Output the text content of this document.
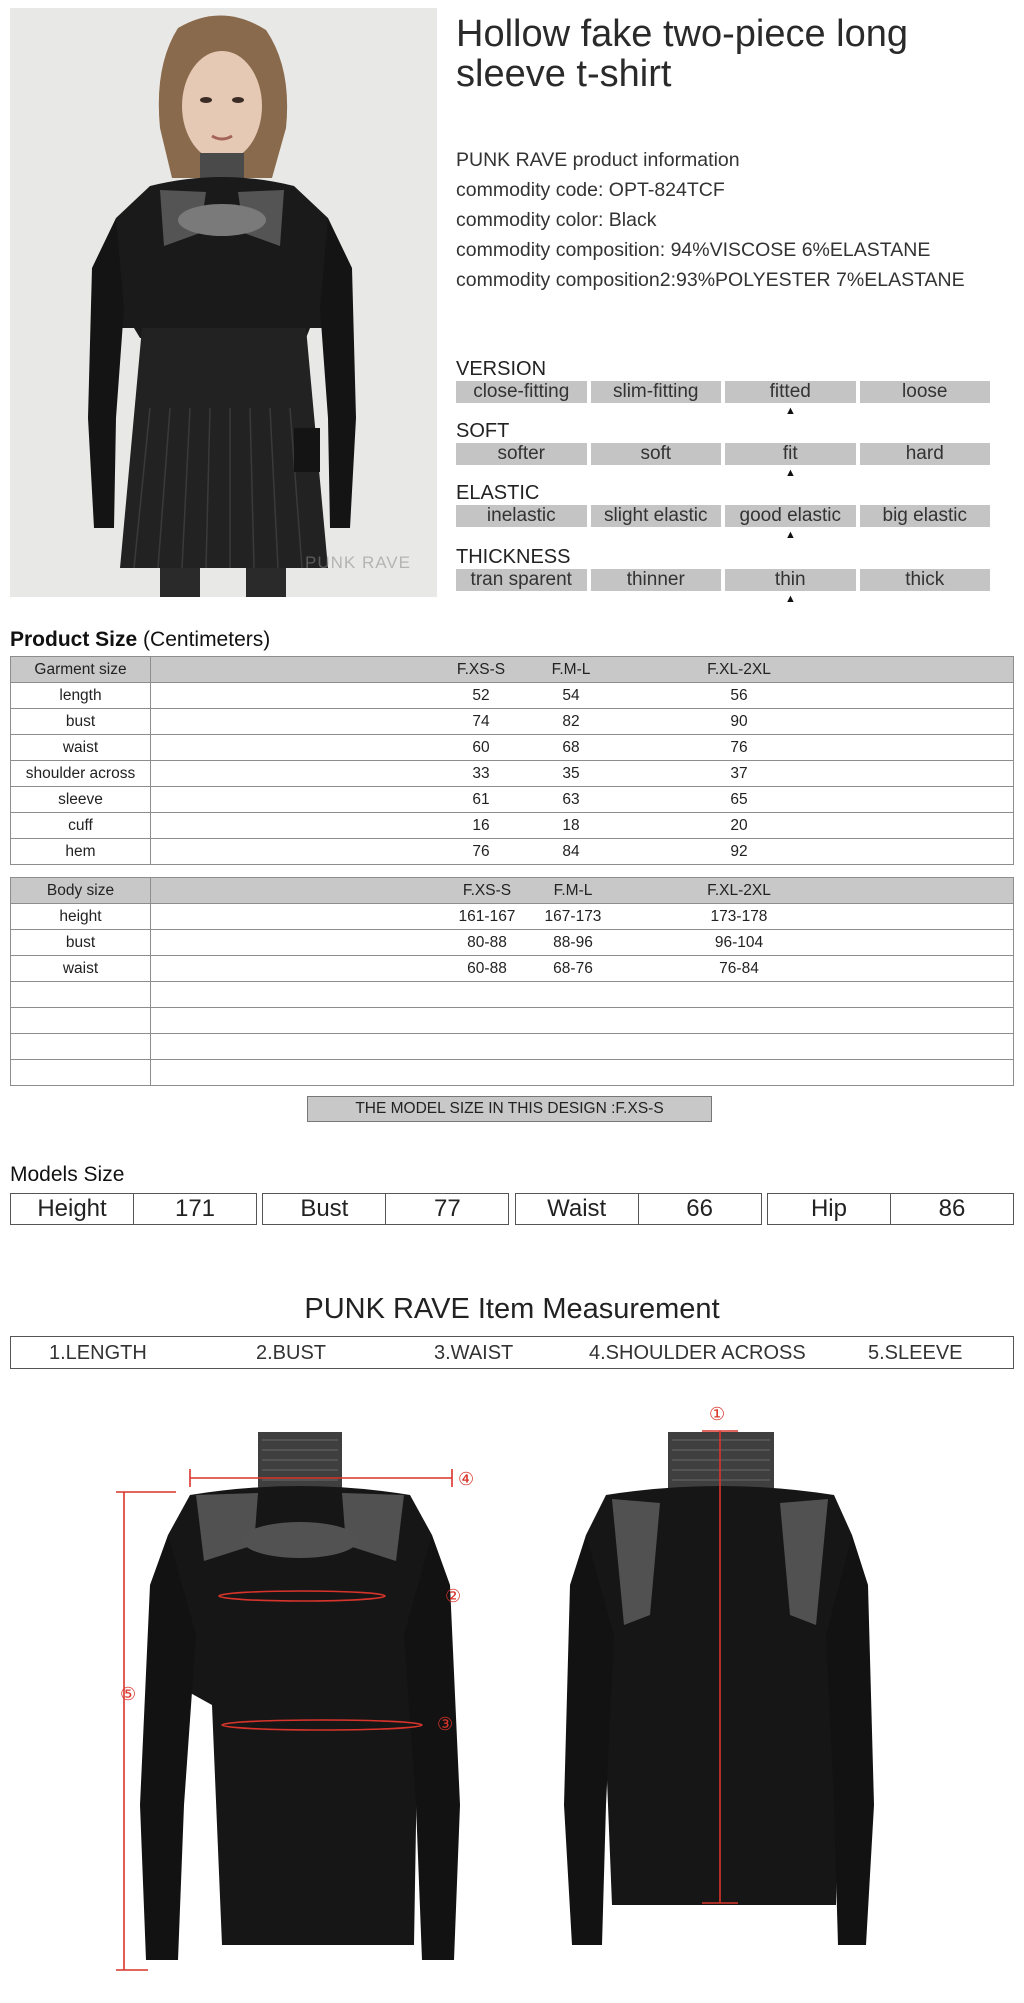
PUNK RAVE
Hollow fake two-piece long sleeve t-shirt
PUNK RAVE product information
commodity code: OPT-824TCF
commodity color: Black
commodity composition: 94%VISCOSE 6%ELASTANE
commodity composition2:93%POLYESTER 7%ELASTANE
VERSION
close-fitting	slim-fitting	fitted	loose
SOFT
softer	soft	fit	hard
ELASTIC
inelastic	slight elastic	good elastic	big elastic
THICKNESS
tran sparent	thinner	thin	thick
▲
▲
▲
▲
Product Size (Centimeters)
Garment size	F.XS-S F.M-L F.XL-2XL

length	52 54 56

bust	74 82 90

waist	60 68 76

shoulder across	33 35 37

sleeve	61 63 65

cuff	16 18 20

hem	76 84 92
Body size	F.XS-S F.M-L F.XL-2XL

height	161-167 167-173 173-178

bust	80-88 88-96 96-104

waist	60-88 68-76 76-84

THE MODEL SIZE IN THIS DESIGN :F.XS-S
Models Size
Height	171	Bust	77	Waist	66	Hip	86
PUNK RAVE Item Measurement
1.LENGTH	2.BUST	3.WAIST	4.SHOULDER ACROSS	5.SLEEVE
①
②
③
④
⑤
